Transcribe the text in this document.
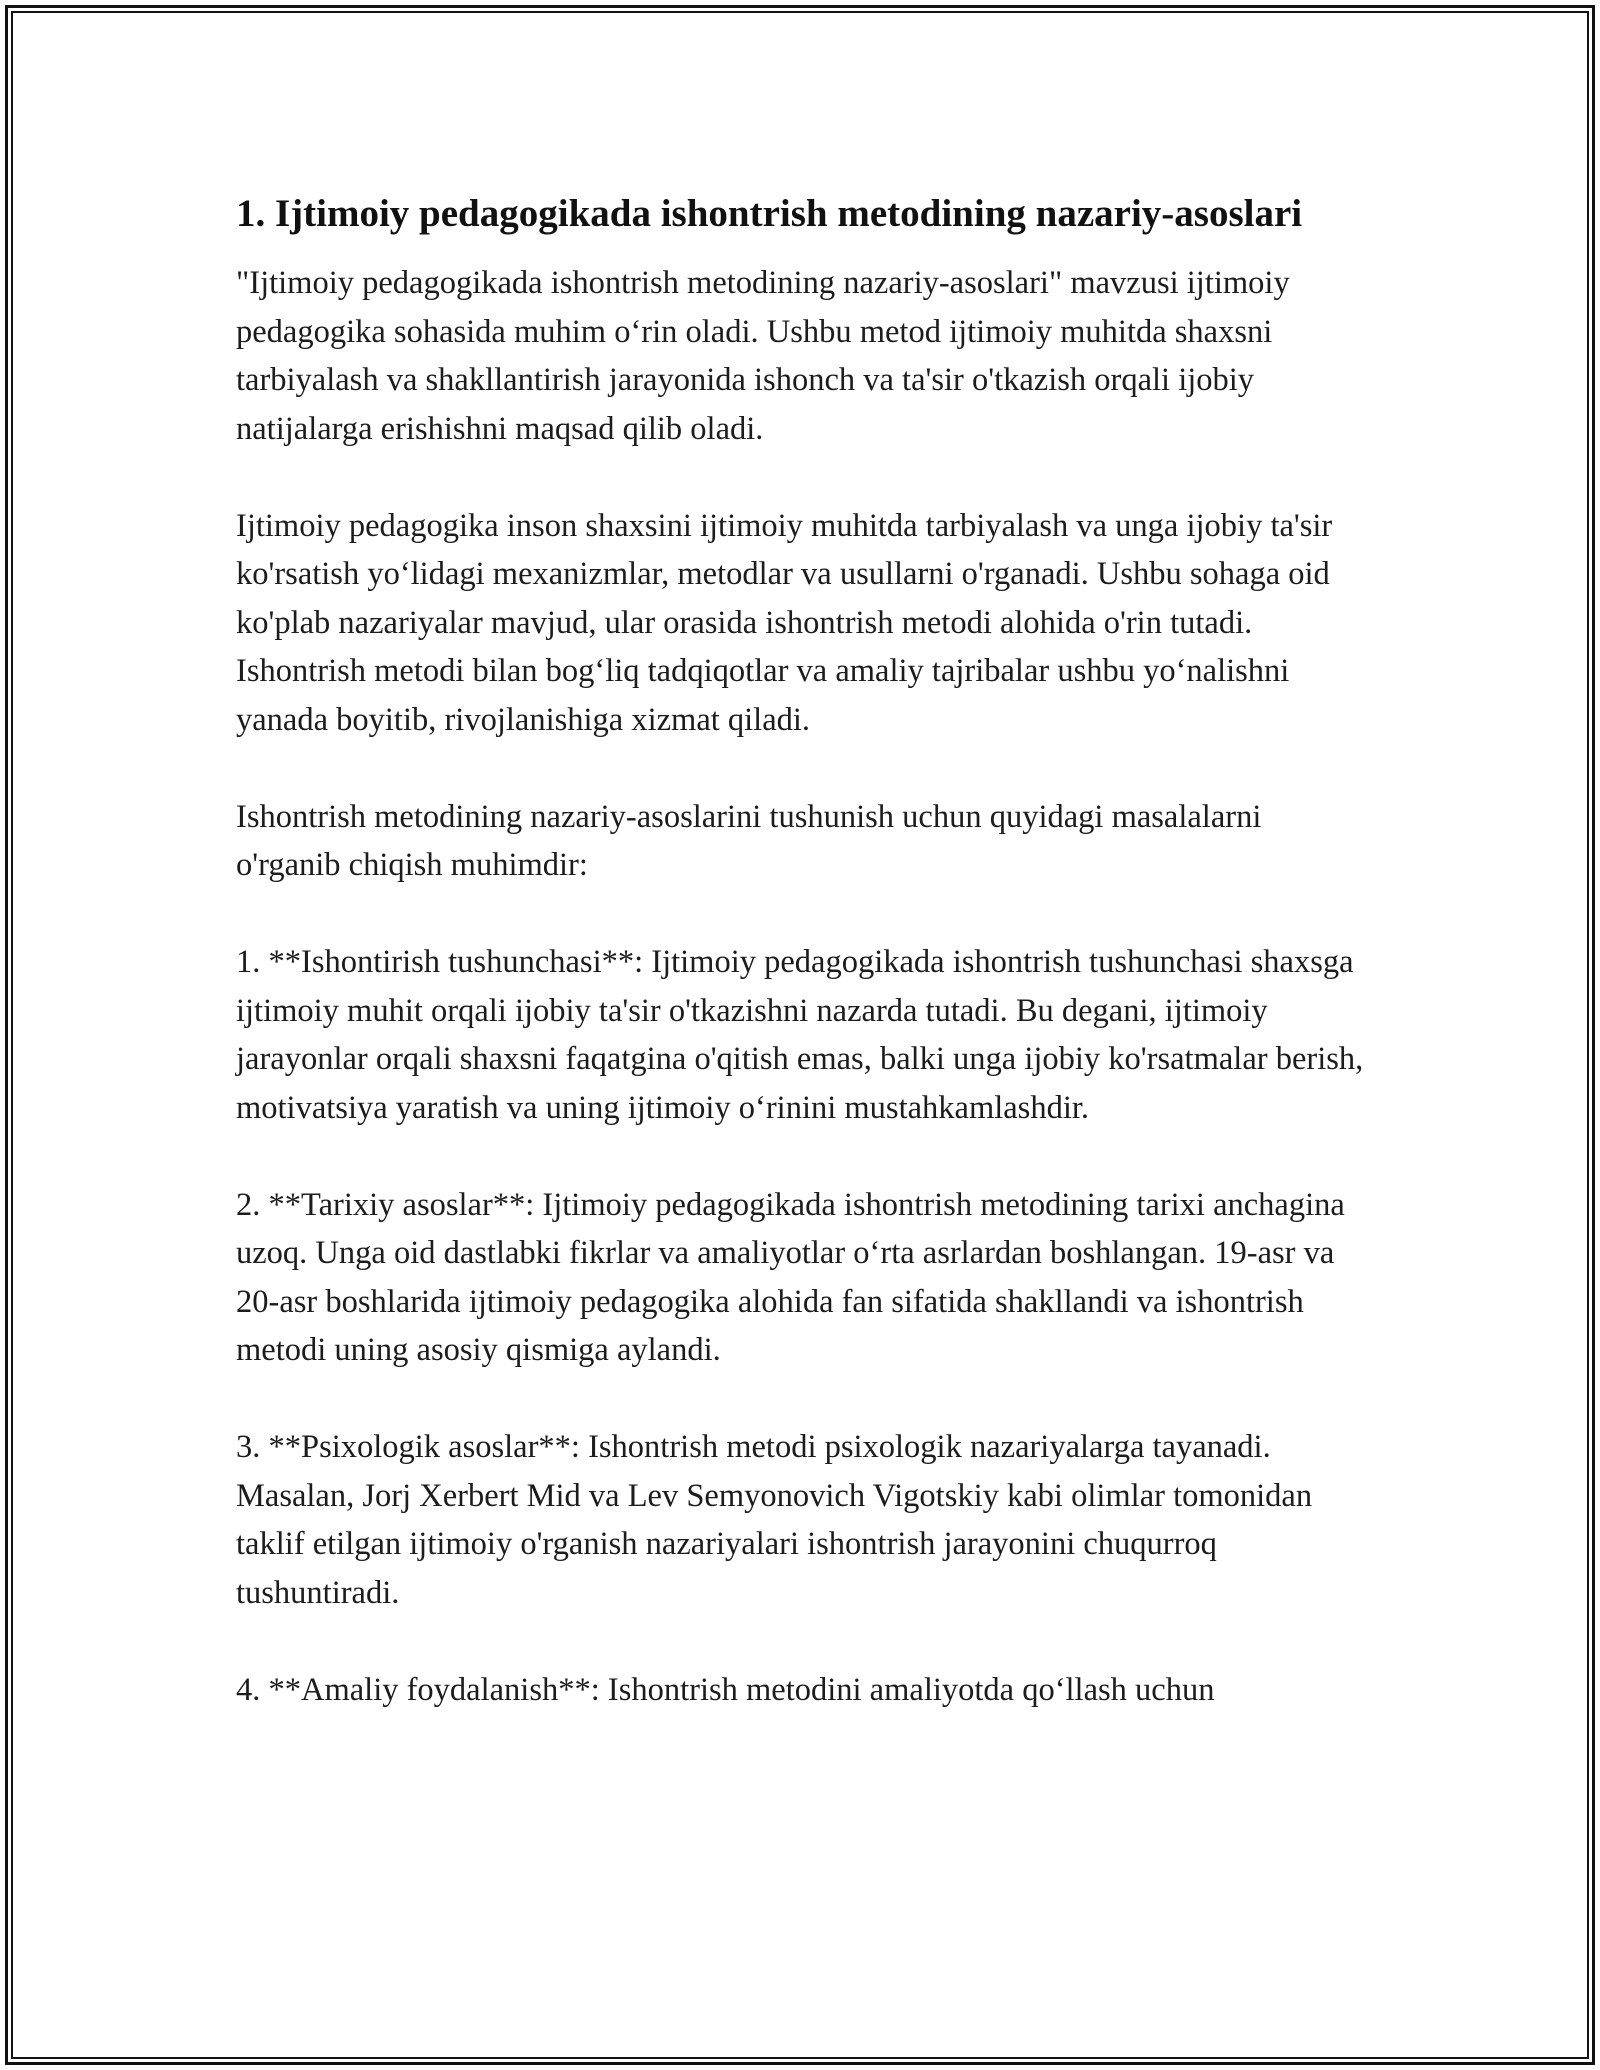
1. Ijtimoiy pedagogikada ishontrish metodining nazariy-asoslari

"Ijtimoiy pedagogikada ishontrish metodining nazariy-asoslari" mavzusi ijtimoiy pedagogika sohasida muhim o‘rin oladi. Ushbu metod ijtimoiy muhitda shaxsni tarbiyalash va shakllantirish jarayonida ishonch va ta'sir o'tkazish orqali ijobiy natijalarga erishishni maqsad qilib oladi.

Ijtimoiy pedagogika inson shaxsini ijtimoiy muhitda tarbiyalash va unga ijobiy ta'sir ko'rsatish yo‘lidagi mexanizmlar, metodlar va usullarni o'rganadi. Ushbu sohaga oid ko'plab nazariyalar mavjud, ular orasida ishontrish metodi alohida o'rin tutadi. Ishontrish metodi bilan bog‘liq tadqiqotlar va amaliy tajribalar ushbu yo‘nalishni yanada boyitib, rivojlanishiga xizmat qiladi.

Ishontrish metodining nazariy-asoslarini tushunish uchun quyidagi masalalarni o'rganib chiqish muhimdir:

1. **Ishontirish tushunchasi**: Ijtimoiy pedagogikada ishontrish tushunchasi shaxsga ijtimoiy muhit orqali ijobiy ta'sir o'tkazishni nazarda tutadi. Bu degani, ijtimoiy jarayonlar orqali shaxsni faqatgina o'qitish emas, balki unga ijobiy ko'rsatmalar berish, motivatsiya yaratish va uning ijtimoiy o‘rinini mustahkamlashdir.

2. **Tarixiy asoslar**: Ijtimoiy pedagogikada ishontrish metodining tarixi anchagina uzoq. Unga oid dastlabki fikrlar va amaliyotlar o‘rta asrlardan boshlangan. 19-asr va 20-asr boshlarida ijtimoiy pedagogika alohida fan sifatida shakllandi va ishontrish metodi uning asosiy qismiga aylandi.

3. **Psixologik asoslar**: Ishontrish metodi psixologik nazariyalarga tayanadi. Masalan, Jorj Xerbert Mid va Lev Semyonovich Vigotskiy kabi olimlar tomonidan taklif etilgan ijtimoiy o'rganish nazariyalari ishontrish jarayonini chuqurroq tushuntiradi.

4. **Amaliy foydalanish**: Ishontrish metodini amaliyotda qo‘llash uchun
